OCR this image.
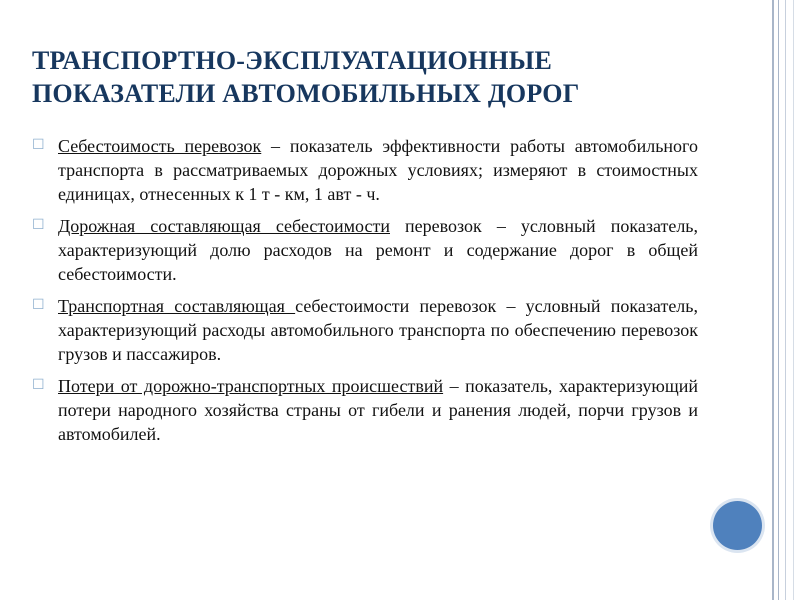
ТРАНСПОРТНО-ЭКСПЛУАТАЦИОННЫЕ
ПОКАЗАТЕЛИ АВТОМОБИЛЬНЫХ ДОРОГ
☐ Себестоимость перевозок – показатель эффективности работы автомобильного транспорта в рассматриваемых дорожных условиях; измеряют в стоимостных единицах, отнесенных к 1 т - км, 1 авт - ч.
☐ Дорожная составляющая себестоимости перевозок – условный показатель, характеризующий долю расходов на ремонт и содержание дорог в общей себестоимости.
☐ Транспортная составляющая себестоимости перевозок – условный показатель, характеризующий расходы автомобильного транспорта по обеспечению перевозок грузов и пассажиров.
☐ Потери от дорожно-транспортных происшествий – показатель, характеризующий потери народного хозяйства страны от гибели и ранения людей, порчи грузов и автомобилей.
